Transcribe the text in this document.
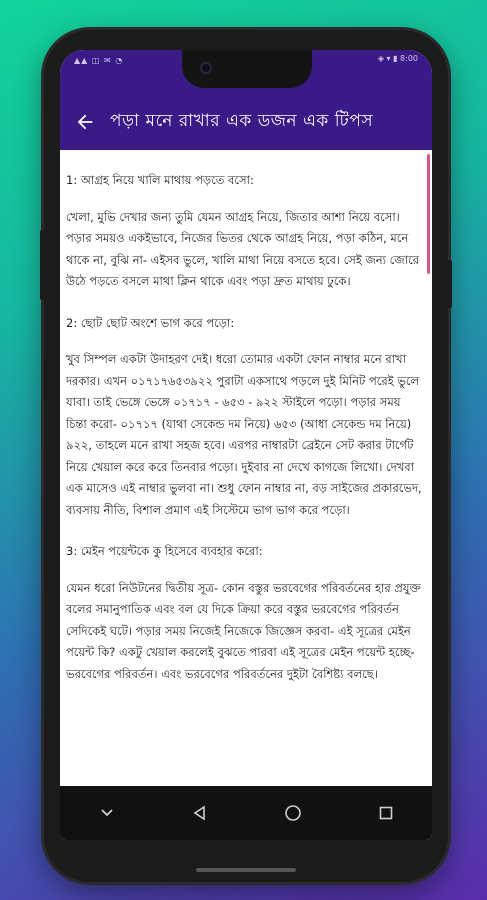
▲▲ ◫ ✉ ◔	◈ ▾ ▮ 8:00
পড়া মনে রাখার এক ডজন এক টিপস
1: আগ্রহ নিয়ে খালি মাথায় পড়তে বসো:

খেলা, মুভি দেখার জন্য তুমি যেমন আগ্রহ নিয়ে, জিতার আশা নিয়ে বসো। পড়ার সময়ও একইভাবে, নিজের ভিতর থেকে আগ্রহ নিয়ে, পড়া কঠিন, মনে থাকে না, বুঝি না- এইসব ভুলে, খালি মাথা নিয়ে বসতে হবে। সেই জন্য জোরে উঠে পড়তে বসলে মাথা ক্লিন থাকে এবং পড়া দ্রুত মাথায় ঢুকে।

2: ছোট ছোট অংশে ভাগ করে পড়ো:

খুব সিম্পল একটা উদাহরণ দেই। ধরো তোমার একটা ফোন নাম্বার মনে রাখা দরকার। এখন ০১৭১৭৬৫৩৯২২ পুরাটা একসাথে পড়লে দুই মিনিট পরেই ভুলে যাবা। তাই ভেঙ্গে ভেঙ্গে ০১৭১৭ - ৬৫৩ - ৯২২ স্টাইলে পড়ো। পড়ার সময় চিন্তা করো- ০১৭১৭ (যাথা সেকেন্ড দম নিয়ে) ৬৫৩ (আধা সেকেন্ড দম নিয়ে) ৯২২, তাহলে মনে রাখা সহজ হবে। এরপর নাম্বারটা ব্রেইনে সেট করার টার্গেট নিয়ে খেয়াল করে করে তিনবার পড়ো। দুইবার না দেখে কাগজে লিখো। দেখবা এক মাসেও এই নাম্বার ভুলবা না। শুধু ফোন নাম্বার না, বড় সাইজের প্রকারভেদ, ব্যবসায় নীতি, বিশাল প্রমাণ এই সিস্টেমে ভাগ ভাগ করে পড়ো।

3: মেইন পয়েন্টকে কু হিসেবে ব্যবহার করো:

যেমন ধরো নিউটনের দ্বিতীয় সূত্র- কোন বস্তুর ভরবেগের পরিবর্তনের হার প্রযুক্ত বলের সমানুপাতিক এবং বল যে দিকে ক্রিয়া করে বস্তুর ভরবেগের পরিবর্তন সেদিকেই ঘটে। পড়ার সময় নিজেই নিজেকে জিজ্ঞেস করবা- এই সূত্রের মেইন পয়েন্ট কি? একটু খেয়াল করলেই বুঝতে পারবা এই সূত্রের মেইন পয়েন্ট হচ্ছে- ভরবেগের পরিবর্তন। এবং ভরবেগের পরিবর্তনের দুইটা বৈশিষ্ট্য বলছে।
